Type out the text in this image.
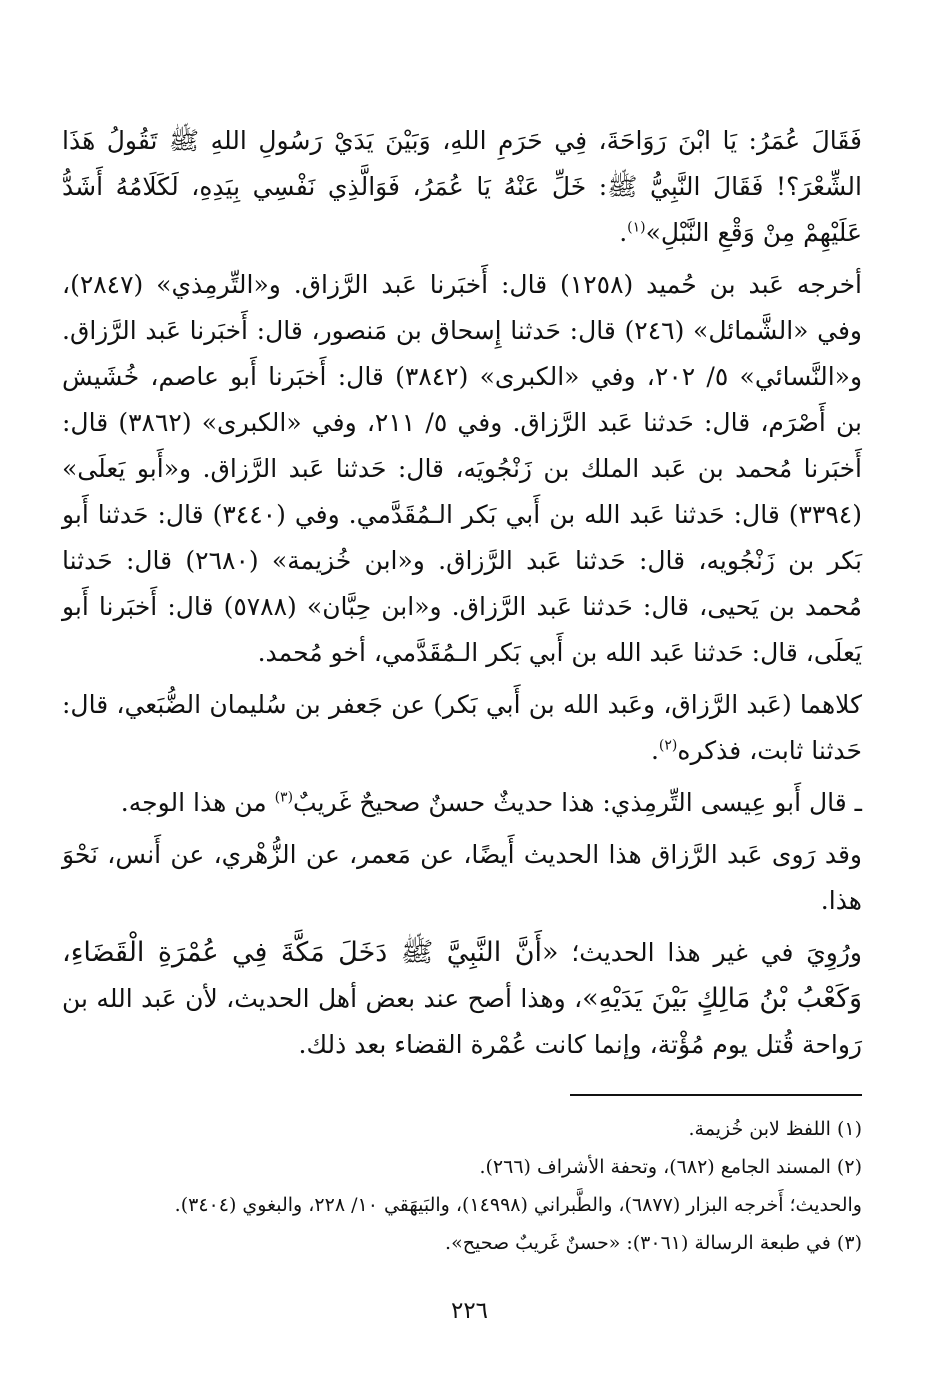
فَقَالَ عُمَرُ: يَا ابْنَ رَوَاحَةَ، فِي حَرَمِ اللهِ، وَبَيْنَ يَدَيْ رَسُولِ اللهِ ﷺ تَقُولُ هَذَا الشِّعْرَ؟! فَقَالَ النَّبِيُّ ﷺ: خَلِّ عَنْهُ يَا عُمَرُ، فَوَالَّذِي نَفْسِي بِيَدِهِ، لَكَلَامُهُ أَشَدُّ عَلَيْهِمْ مِنْ وَقْعِ النَّبْلِ»$^{(١)}$.

أخرجه عَبد بن حُميد (١٢٥٨) قال: أَخبَرنا عَبد الرَّزاق. و«التِّرمِذي» (٢٨٤٧)، وفي «الشَّمائل» (٢٤٦) قال: حَدثنا إِسحاق بن مَنصور، قال: أَخبَرنا عَبد الرَّزاق. و«النَّسائي» ٥/ ٢٠٢، وفي «الكبرى» (٣٨٤٢) قال: أَخبَرنا أَبو عاصم، خُشَيش بن أَصْرَم، قال: حَدثنا عَبد الرَّزاق. وفي ٥/ ٢١١، وفي «الكبرى» (٣٨٦٢) قال: أَخبَرنا مُحمد بن عَبد الملك بن زَنْجُويَه، قال: حَدثنا عَبد الرَّزاق. و«أَبو يَعلَى» (٣٣٩٤) قال: حَدثنا عَبد الله بن أَبي بَكر الـمُقَدَّمي. وفي (٣٤٤٠) قال: حَدثنا أَبو بَكر بن زَنْجُويه، قال: حَدثنا عَبد الرَّزاق. و«ابن خُزيمة» (٢٦٨٠) قال: حَدثنا مُحمد بن يَحيى، قال: حَدثنا عَبد الرَّزاق. و«ابن حِبَّان» (٥٧٨٨) قال: أَخبَرنا أَبو يَعلَى، قال: حَدثنا عَبد الله بن أَبي بَكر الـمُقَدَّمي، أخو مُحمد.

كلاهما (عَبد الرَّزاق، وعَبد الله بن أَبي بَكر) عن جَعفر بن سُليمان الضُّبَعي، قال: حَدثنا ثابت، فذكره$^{(٢)}$.

ـ قال أَبو عِيسى التِّرمِذي: هذا حديثٌ حسنٌ صحيحٌ غَريبٌ$^{(٣)}$ من هذا الوجه.

وقد رَوى عَبد الرَّزاق هذا الحديث أَيضًا، عن مَعمر، عن الزُّهْري، عن أَنس، نَحْوَ هذا.

ورُوِيَ في غير هذا الحديث؛ «أَنَّ النَّبِيَّ ﷺ دَخَلَ مَكَّةَ فِي عُمْرَةِ الْقَضَاءِ، وَكَعْبُ بْنُ مَالِكٍ بَيْنَ يَدَيْهِ»، وهذا أصح عند بعض أهل الحديث، لأن عَبد الله بن رَواحة قُتل يوم مُؤْتة، وإنما كانت عُمْرة القضاء بعد ذلك.

(١) اللفظ لابن خُزيمة.

(٢) المسند الجامع (٦٨٢)، وتحفة الأشراف (٢٦٦).

والحديث؛ أَخرجه البزار (٦٨٧٧)، والطَّبراني (١٤٩٩٨)، والبَيهَقي ١٠/ ٢٢٨، والبغوي (٣٤٠٤).

(٣) في طبعة الرسالة (٣٠٦١): «حسنٌ غَريبٌ صحيح».

٢٢٦
